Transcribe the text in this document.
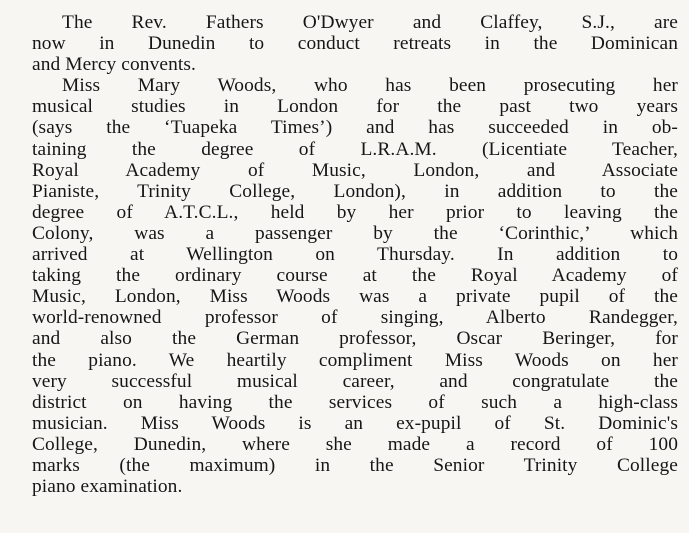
The Rev. Fathers O'Dwyer and Claffey, S.J., are
now in Dunedin to conduct retreats in the Dominican
and Mercy convents.
Miss Mary Woods, who has been prosecuting her
musical studies in London for the past two years
(says the ‘Tuapeka Times’) and has succeeded in ob-
taining the degree of L.R.A.M. (Licentiate Teacher,
Royal Academy of Music, London, and Associate
Pianiste, Trinity College, London), in addition to the
degree of A.T.C.L., held by her prior to leaving the
Colony, was a passenger by the ‘Corinthic,’ which
arrived at Wellington on Thursday. In addition to
taking the ordinary course at the Royal Academy of
Music, London, Miss Woods was a private pupil of the
world-renowned professor of singing, Alberto Randegger,
and also the German professor, Oscar Beringer, for
the piano. We heartily compliment Miss Woods on her
very successful musical career, and congratulate the
district on having the services of such a high-class
musician. Miss Woods is an ex-pupil of St. Dominic's
College, Dunedin, where she made a record of 100
marks (the maximum) in the Senior Trinity College
piano examination.
